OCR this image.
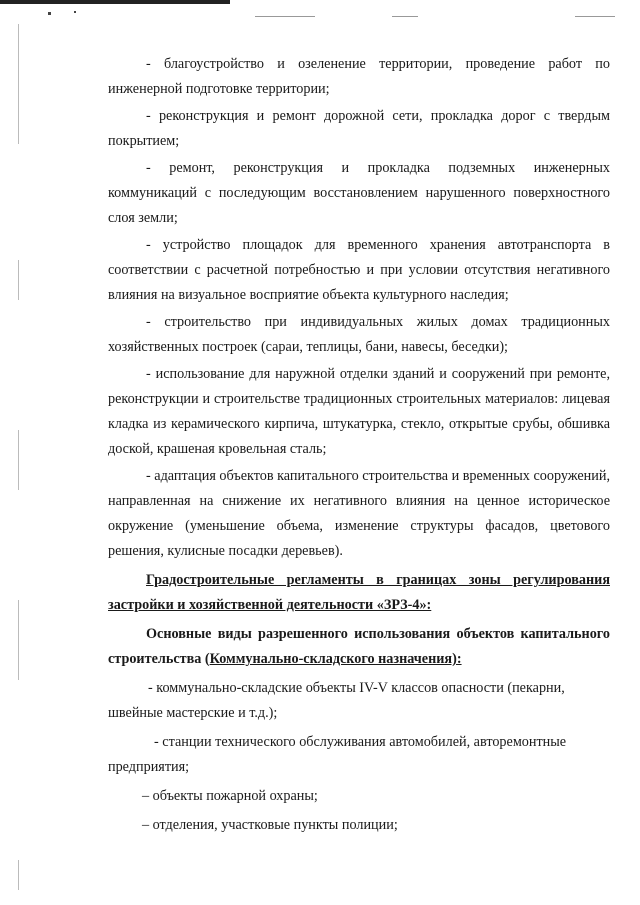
- благоустройство и озеленение территории, проведение работ по инженерной подготовке территории;

- реконструкция и ремонт дорожной сети, прокладка дорог с твердым покрытием;

- ремонт, реконструкция и прокладка подземных инженерных коммуникаций с последующим восстановлением нарушенного поверхностного слоя земли;

- устройство площадок для временного хранения автотранспорта в соответствии с расчетной потребностью и при условии отсутствия негативного влияния на визуальное восприятие объекта культурного наследия;

- строительство при индивидуальных жилых домах традиционных хозяйственных построек (сараи, теплицы, бани, навесы, беседки);

- использование для наружной отделки зданий и сооружений при ремонте, реконструкции и строительстве традиционных строительных материалов: лицевая кладка из керамического кирпича, штукатурка, стекло, открытые срубы, обшивка доской, крашеная кровельная сталь;

- адаптация объектов капитального строительства и временных сооружений, направленная на снижение их негативного влияния на ценное историческое окружение (уменьшение объема, изменение структуры фасадов, цветового решения, кулисные посадки деревьев).

Градостроительные регламенты в границах зоны регулирования застройки и хозяйственной деятельности «ЗРЗ-4»:

Основные виды разрешенного использования объектов капитального строительства (Коммунально-складского назначения):

- коммунально-складские объекты IV-V классов опасности (пекарни, швейные мастерские и т.д.);

- станции технического обслуживания автомобилей, авторемонтные предприятия;

– объекты пожарной охраны;

– отделения, участковые пункты полиции;
